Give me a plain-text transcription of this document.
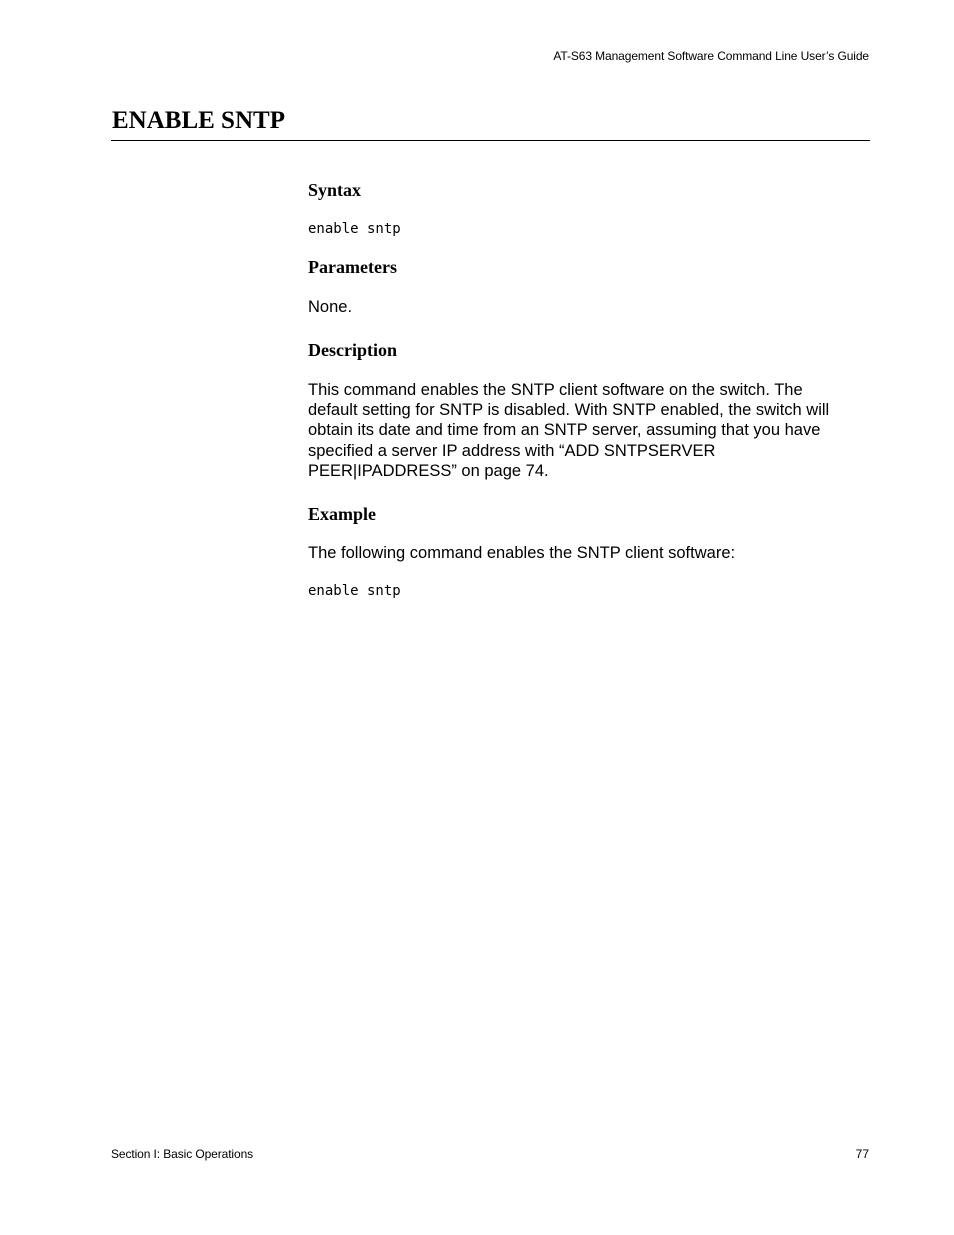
AT-S63 Management Software Command Line User’s Guide
ENABLE SNTP
Syntax

enable sntp

Parameters

None.

Description

This command enables the SNTP client software on the switch. The

default setting for SNTP is disabled. With SNTP enabled, the switch will

obtain its date and time from an SNTP server, assuming that you have

specified a server IP address with “ADD SNTPSERVER

PEER|IPADDRESS” on page 74.

Example

The following command enables the SNTP client software:

enable sntp

Section I: Basic Operations	77
